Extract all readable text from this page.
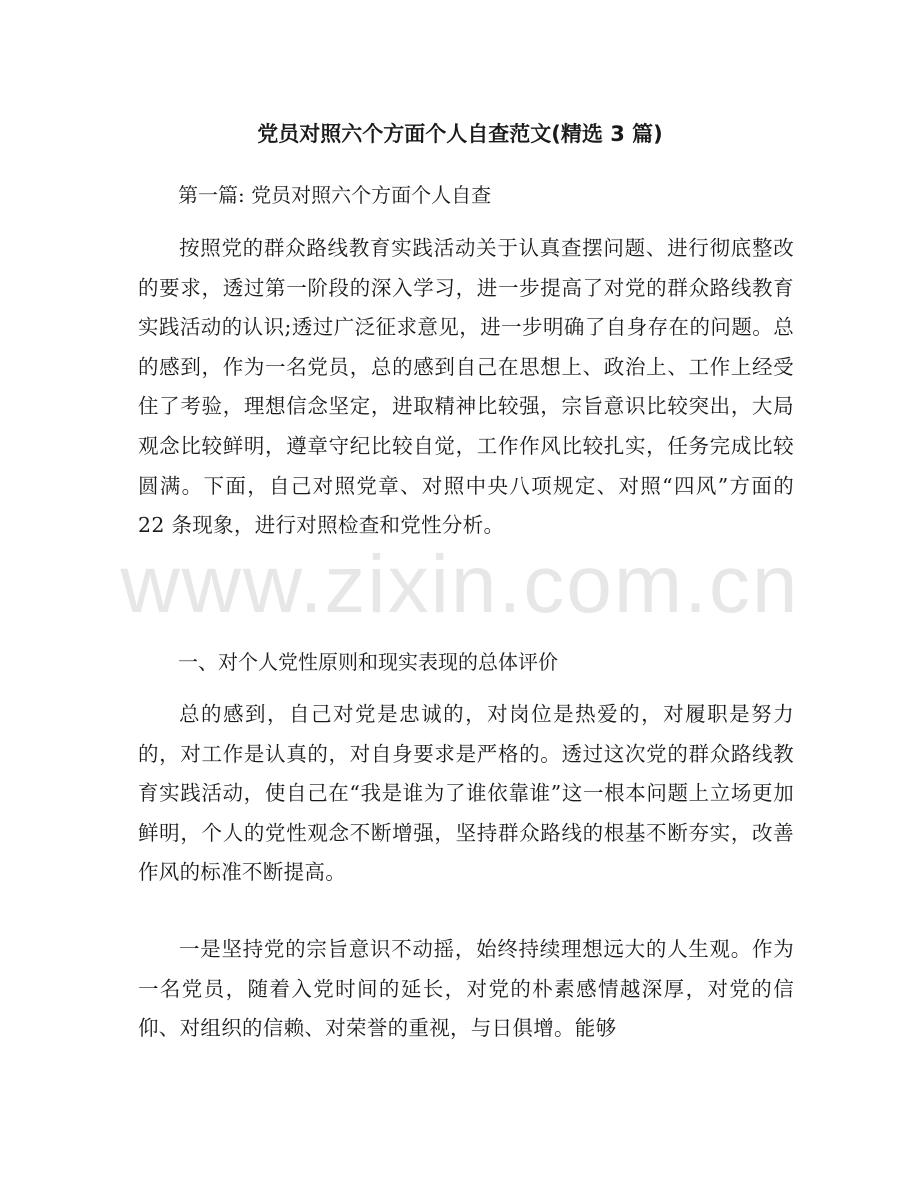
www.zixin.com.cn
党员对照六个方面个人自查范文(精选 3 篇)

第一篇: 党员对照六个方面个人自查

按照党的群众路线教育实践活动关于认真查摆问题、进行彻底整改的要求，透过第一阶段的深入学习，进一步提高了对党的群众路线教育实践活动的认识;透过广泛征求意见，进一步明确了自身存在的问题。总的感到，作为一名党员，总的感到自己在思想上、政治上、工作上经受住了考验，理想信念坚定，进取精神比较强，宗旨意识比较突出，大局观念比较鲜明，遵章守纪比较自觉，工作作风比较扎实，任务完成比较圆满。下面，自己对照党章、对照中央八项规定、对照“四风”方面的 22 条现象，进行对照检查和党性分析。

一、对个人党性原则和现实表现的总体评价

总的感到，自己对党是忠诚的，对岗位是热爱的，对履职是努力的，对工作是认真的，对自身要求是严格的。透过这次党的群众路线教育实践活动，使自己在“我是谁为了谁依靠谁”这一根本问题上立场更加鲜明，个人的党性观念不断增强，坚持群众路线的根基不断夯实，改善作风的标准不断提高。

一是坚持党的宗旨意识不动摇，始终持续理想远大的人生观。作为一名党员，随着入党时间的延长，对党的朴素感情越深厚，对党的信仰、对组织的信赖、对荣誉的重视，与日俱增。能够
